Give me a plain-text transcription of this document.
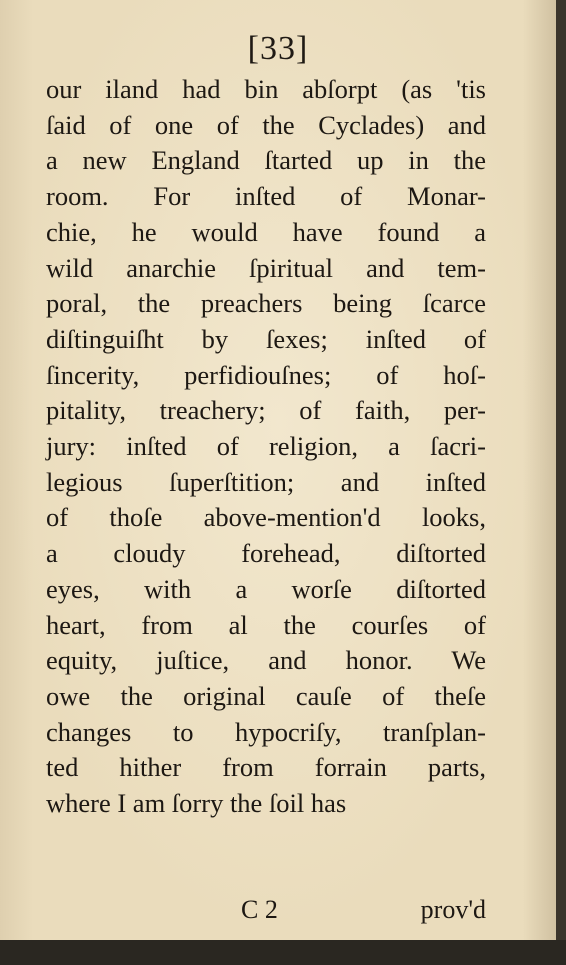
[33]
our iland had bin abſorpt (as 'tis
ſaid of one of the Cyclades) and
a new England ſtarted up in the
room. For inſted of Monar-
chie, he would have found a
wild anarchie ſpiritual and tem-
poral, the preachers being ſcarce
diſtinguiſht by ſexes; inſted of
ſincerity, perfidiouſnes; of hoſ-
pitality, treachery; of faith, per-
jury: inſted of religion, a ſacri-
legious ſuperſtition; and inſted
of thoſe above-mention'd looks,
a cloudy forehead, diſtorted
eyes, with a worſe diſtorted
heart, from al the courſes of
equity, juſtice, and honor. We
owe the original cauſe of theſe
changes to hypocriſy, tranſplan-
ted hither from forrain parts,
where I am ſorry the ſoil has
C 2	prov'd
